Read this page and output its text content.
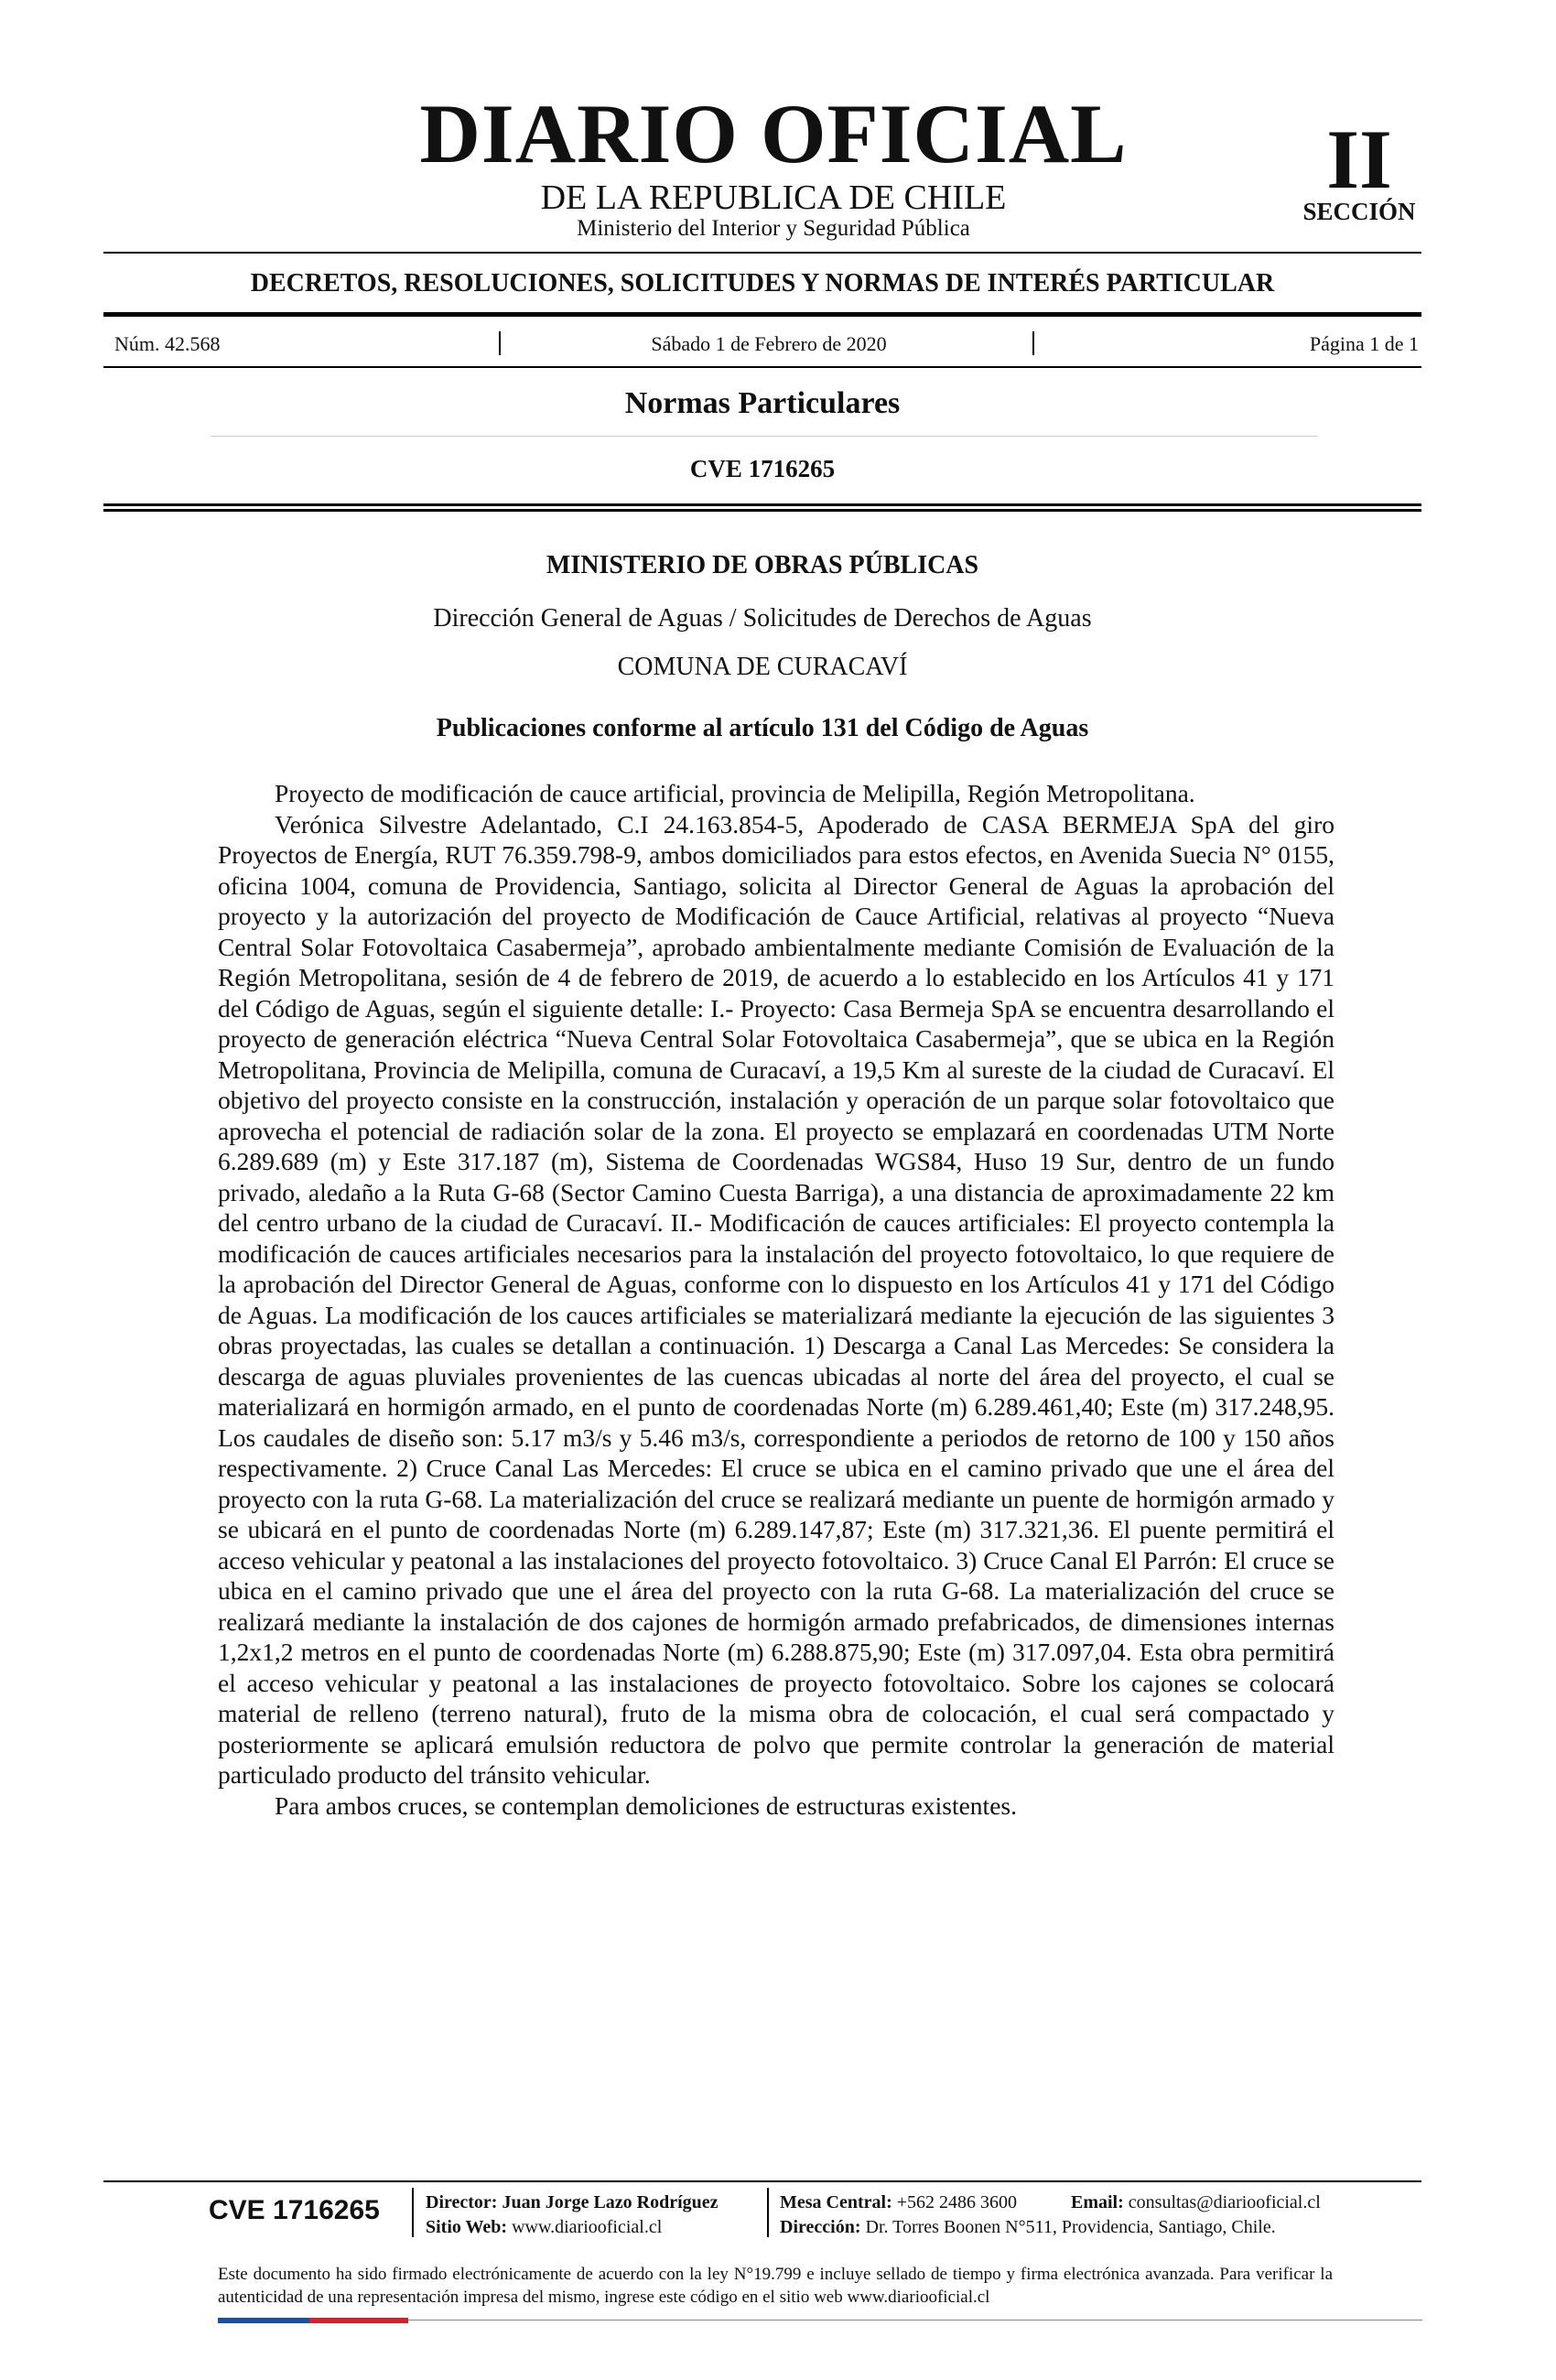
DIARIO OFICIAL
DE LA REPUBLICA DE CHILE
Ministerio del Interior y Seguridad Pública
II
SECCIÓN
DECRETOS, RESOLUCIONES, SOLICITUDES Y NORMAS DE INTERÉS PARTICULAR
Núm. 42.568	Sábado 1 de Febrero de 2020	Página 1 de 1
Normas Particulares
CVE 1716265
MINISTERIO DE OBRAS PÚBLICAS
Dirección General de Aguas / Solicitudes de Derechos de Aguas
COMUNA DE CURACAVÍ
Publicaciones conforme al artículo 131 del Código de Aguas

Proyecto de modificación de cauce artificial, provincia de Melipilla, Región Metropolitana.

Verónica Silvestre Adelantado, C.I 24.163.854-5, Apoderado de CASA BERMEJA SpA del giro Proyectos de Energía, RUT 76.359.798-9, ambos domiciliados para estos efectos, en Avenida Suecia N° 0155, oficina 1004, comuna de Providencia, Santiago, solicita al Director General de Aguas la aprobación del proyecto y la autorización del proyecto de Modificación de Cauce Artificial, relativas al proyecto “Nueva Central Solar Fotovoltaica Casabermeja”, aprobado ambientalmente mediante Comisión de Evaluación de la Región Metropolitana, sesión de 4 de febrero de 2019, de acuerdo a lo establecido en los Artículos 41 y 171 del Código de Aguas, según el siguiente detalle: I.- Proyecto: Casa Bermeja SpA se encuentra desarrollando el proyecto de generación eléctrica “Nueva Central Solar Fotovoltaica Casabermeja”, que se ubica en la Región Metropolitana, Provincia de Melipilla, comuna de Curacaví, a 19,5 Km al sureste de la ciudad de Curacaví. El objetivo del proyecto consiste en la construcción, instalación y operación de un parque solar fotovoltaico que aprovecha el potencial de radiación solar de la zona. El proyecto se emplazará en coordenadas UTM Norte 6.289.689 (m) y Este 317.187 (m), Sistema de Coordenadas WGS84, Huso 19 Sur, dentro de un fundo privado, aledaño a la Ruta G-68 (Sector Camino Cuesta Barriga), a una distancia de aproximadamente 22 km del centro urbano de la ciudad de Curacaví. II.- Modificación de cauces artificiales: El proyecto contempla la modificación de cauces artificiales necesarios para la instalación del proyecto fotovoltaico, lo que requiere de la aprobación del Director General de Aguas, conforme con lo dispuesto en los Artículos 41 y 171 del Código de Aguas. La modificación de los cauces artificiales se materializará mediante la ejecución de las siguientes 3 obras proyectadas, las cuales se detallan a continuación. 1) Descarga a Canal Las Mercedes: Se considera la descarga de aguas pluviales provenientes de las cuencas ubicadas al norte del área del proyecto, el cual se materializará en hormigón armado, en el punto de coordenadas Norte (m) 6.289.461,40; Este (m) 317.248,95. Los caudales de diseño son: 5.17 m3/s y 5.46 m3/s, correspondiente a periodos de retorno de 100 y 150 años respectivamente. 2) Cruce Canal Las Mercedes: El cruce se ubica en el camino privado que une el área del proyecto con la ruta G-68. La materialización del cruce se realizará mediante un puente de hormigón armado y se ubicará en el punto de coordenadas Norte (m) 6.289.147,87; Este (m) 317.321,36. El puente permitirá el acceso vehicular y peatonal a las instalaciones del proyecto fotovoltaico. 3) Cruce Canal El Parrón: El cruce se ubica en el camino privado que une el área del proyecto con la ruta G-68. La materialización del cruce se realizará mediante la instalación de dos cajones de hormigón armado prefabricados, de dimensiones internas 1,2x1,2 metros en el punto de coordenadas Norte (m) 6.288.875,90; Este (m) 317.097,04. Esta obra permitirá el acceso vehicular y peatonal a las instalaciones de proyecto fotovoltaico. Sobre los cajones se colocará material de relleno (terreno natural), fruto de la misma obra de colocación, el cual será compactado y posteriormente se aplicará emulsión reductora de polvo que permite controlar la generación de material particulado producto del tránsito vehicular.

Para ambos cruces, se contemplan demoliciones de estructuras existentes.

CVE 1716265	Director: Juan Jorge Lazo Rodríguez
Sitio Web: www.diariooficial.cl
Mesa Central: +562 2486 3600	Email: consultas@diariooficial.cl
Dirección: Dr. Torres Boonen N°511, Providencia, Santiago, Chile.
Este documento ha sido firmado electrónicamente de acuerdo con la ley N°19.799 e incluye sellado de tiempo y firma electrónica avanzada. Para verificar la autenticidad de una representación impresa del mismo, ingrese este código en el sitio web www.diariooficial.cl
